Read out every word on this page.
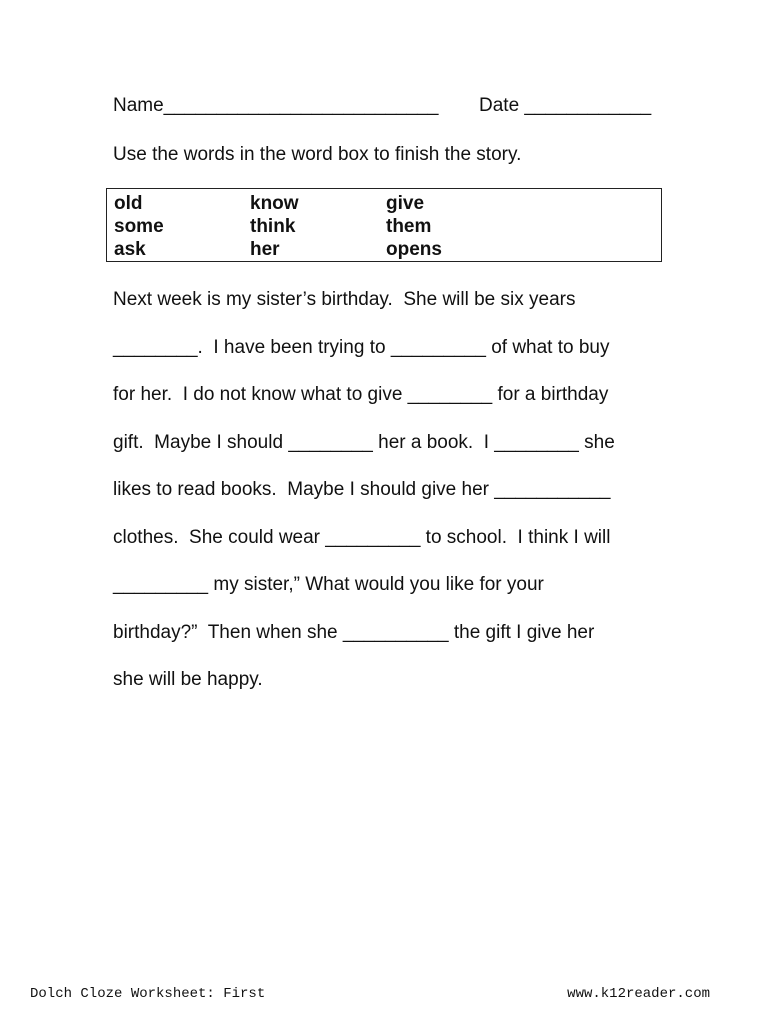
Name__________________________ Date ____________
Use the words in the word box to finish the story.
old
some
ask
know
think
her
give
them
opens
Next week is my sister’s birthday.  She will be six years
________.  I have been trying to _________ of what to buy
for her.  I do not know what to give ________ for a birthday
gift.  Maybe I should ________ her a book.  I ________ she
likes to read books.  Maybe I should give her ___________
clothes.  She could wear _________ to school.  I think I will
_________ my sister,” What would you like for your
birthday?”  Then when she __________ the gift I give her
she will be happy.
Dolch Cloze Worksheet: First	www.k12reader.com
